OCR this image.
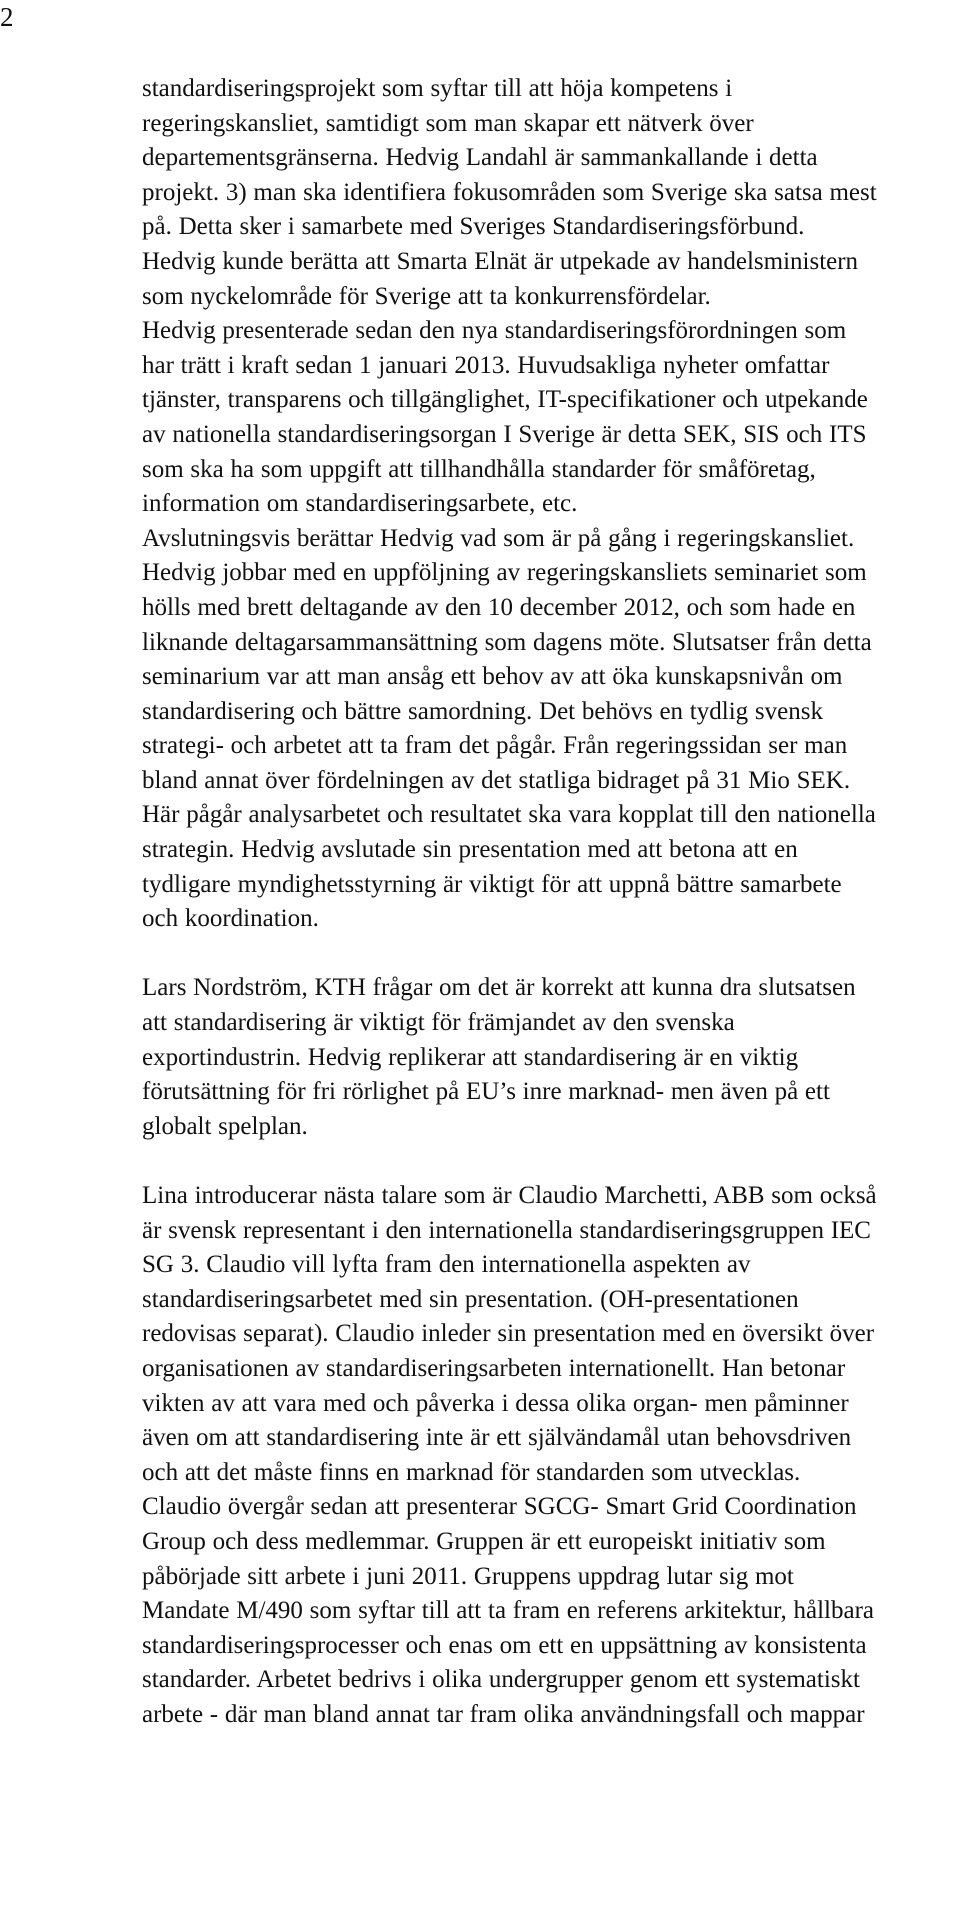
2
standardiseringsprojekt som syftar till att höja kompetens i
regeringskansliet, samtidigt som man skapar ett nätverk över
departementsgränserna. Hedvig Landahl är sammankallande i detta
projekt. 3) man ska identifiera fokusområden som Sverige ska satsa mest
på. Detta sker i samarbete med Sveriges Standardiseringsförbund.
Hedvig kunde berätta att Smarta Elnät är utpekade av handelsministern
som nyckelområde för Sverige att ta konkurrensfördelar.
Hedvig presenterade sedan den nya standardiseringsförordningen som
har trätt i kraft sedan 1 januari 2013. Huvudsakliga nyheter omfattar
tjänster, transparens och tillgänglighet, IT-specifikationer och utpekande
av nationella standardiseringsorgan I Sverige är detta SEK, SIS och ITS
som ska ha som uppgift att tillhandhålla standarder för småföretag,
information om standardiseringsarbete, etc.
Avslutningsvis berättar Hedvig vad som är på gång i regeringskansliet.
Hedvig jobbar med en uppföljning av regeringskansliets seminariet som
hölls med brett deltagande av den 10 december 2012, och som hade en
liknande deltagarsammansättning som dagens möte. Slutsatser från detta
seminarium var att man ansåg ett behov av att öka kunskapsnivån om
standardisering och bättre samordning. Det behövs en tydlig svensk
strategi- och arbetet att ta fram det pågår. Från regeringssidan ser man
bland annat över fördelningen av det statliga bidraget på 31 Mio SEK.
Här pågår analysarbetet och resultatet ska vara kopplat till den nationella
strategin. Hedvig avslutade sin presentation med att betona att en
tydligare myndighetsstyrning är viktigt för att uppnå bättre samarbete
och koordination.
Lars Nordström, KTH frågar om det är korrekt att kunna dra slutsatsen
att standardisering är viktigt för främjandet av den svenska
exportindustrin. Hedvig replikerar att standardisering är en viktig
förutsättning för fri rörlighet på EU’s inre marknad- men även på ett
globalt spelplan.
Lina introducerar nästa talare som är Claudio Marchetti, ABB som också
är svensk representant i den internationella standardiseringsgruppen IEC
SG 3. Claudio vill lyfta fram den internationella aspekten av
standardiseringsarbetet med sin presentation. (OH-presentationen
redovisas separat). Claudio inleder sin presentation med en översikt över
organisationen av standardiseringsarbeten internationellt. Han betonar
vikten av att vara med och påverka i dessa olika organ- men påminner
även om att standardisering inte är ett självändamål utan behovsdriven
och att det måste finns en marknad för standarden som utvecklas.
Claudio övergår sedan att presenterar SGCG- Smart Grid Coordination
Group och dess medlemmar. Gruppen är ett europeiskt initiativ som
påbörjade sitt arbete i juni 2011. Gruppens uppdrag lutar sig mot
Mandate M/490 som syftar till att ta fram en referens arkitektur, hållbara
standardiseringsprocesser och enas om ett en uppsättning av konsistenta
standarder. Arbetet bedrivs i olika undergrupper genom ett systematiskt
arbete - där man bland annat tar fram olika användningsfall och mappar
